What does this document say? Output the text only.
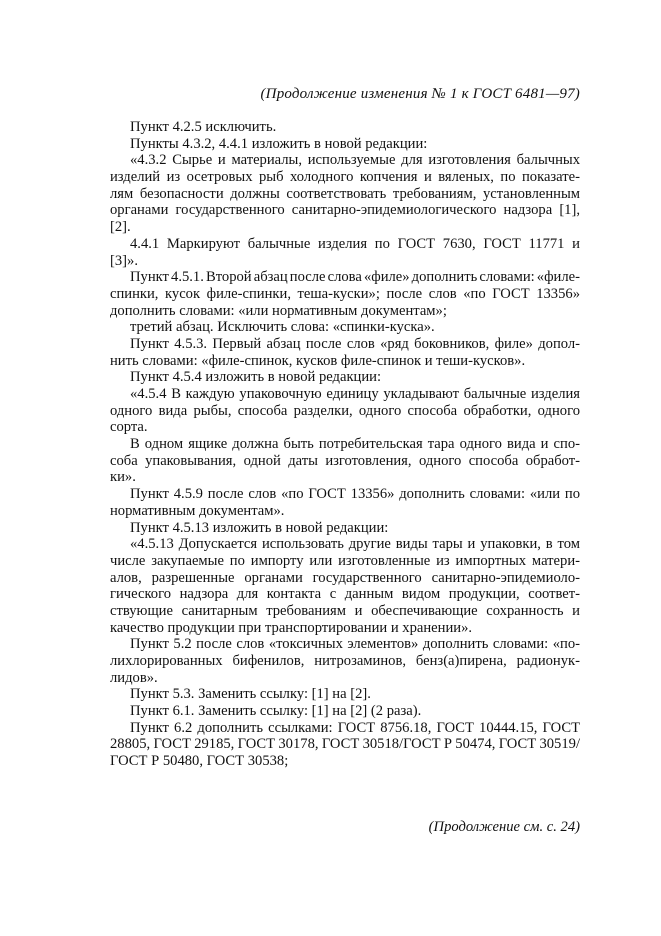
(Продолжение изменения № 1 к ГОСТ 6481—97)
Пункт 4.2.5 исключить.
Пункты 4.3.2, 4.4.1 изложить в новой редакции:
«4.3.2 Сырье и материалы, используемые для изготовления балычных
изделий из осетровых рыб холодного копчения и вяленых, по показате-
лям безопасности должны соответствовать требованиям, установленным
органами государственного санитарно-эпидемиологического надзора [1],
[2].
4.4.1 Маркируют балычные изделия по ГОСТ 7630, ГОСТ 11771 и
[3]».
Пункт 4.5.1. Второй абзац после слова «филе» дополнить словами: «филе-
спинки, кусок филе-спинки, теша-куски»; после слов «по ГОСТ 13356»
дополнить словами: «или нормативным документам»;
третий абзац. Исключить слова: «спинки-куска».
Пункт 4.5.3. Первый абзац после слов «ряд боковников, филе» допол-
нить словами: «филе-спинок, кусков филе-спинок и теши-кусков».
Пункт 4.5.4 изложить в новой редакции:
«4.5.4 В каждую упаковочную единицу укладывают балычные изделия
одного вида рыбы, способа разделки, одного способа обработки, одного
сорта.
В одном ящике должна быть потребительская тара одного вида и спо-
соба упаковывания, одной даты изготовления, одного способа обработ-
ки».
Пункт 4.5.9 после слов «по ГОСТ 13356» дополнить словами: «или по
нормативным документам».
Пункт 4.5.13 изложить в новой редакции:
«4.5.13 Допускается использовать другие виды тары и упаковки, в том
числе закупаемые по импорту или изготовленные из импортных матери-
алов, разрешенные органами государственного санитарно-эпидемиоло-
гического надзора для контакта с данным видом продукции, соответ-
ствующие санитарным требованиям и обеспечивающие сохранность и
качество продукции при транспортировании и хранении».
Пункт 5.2 после слов «токсичных элементов» дополнить словами: «по-
лихлорированных бифенилов, нитрозаминов, бенз(а)пирена, радионук-
лидов».
Пункт 5.3. Заменить ссылку: [1] на [2].
Пункт 6.1. Заменить ссылку: [1] на [2] (2 раза).
Пункт 6.2 дополнить ссылками: ГОСТ 8756.18, ГОСТ 10444.15, ГОСТ
28805, ГОСТ 29185, ГОСТ 30178, ГОСТ 30518/ГОСТ Р 50474, ГОСТ 30519/
ГОСТ Р 50480, ГОСТ 30538;
(Продолжение см. с. 24)
